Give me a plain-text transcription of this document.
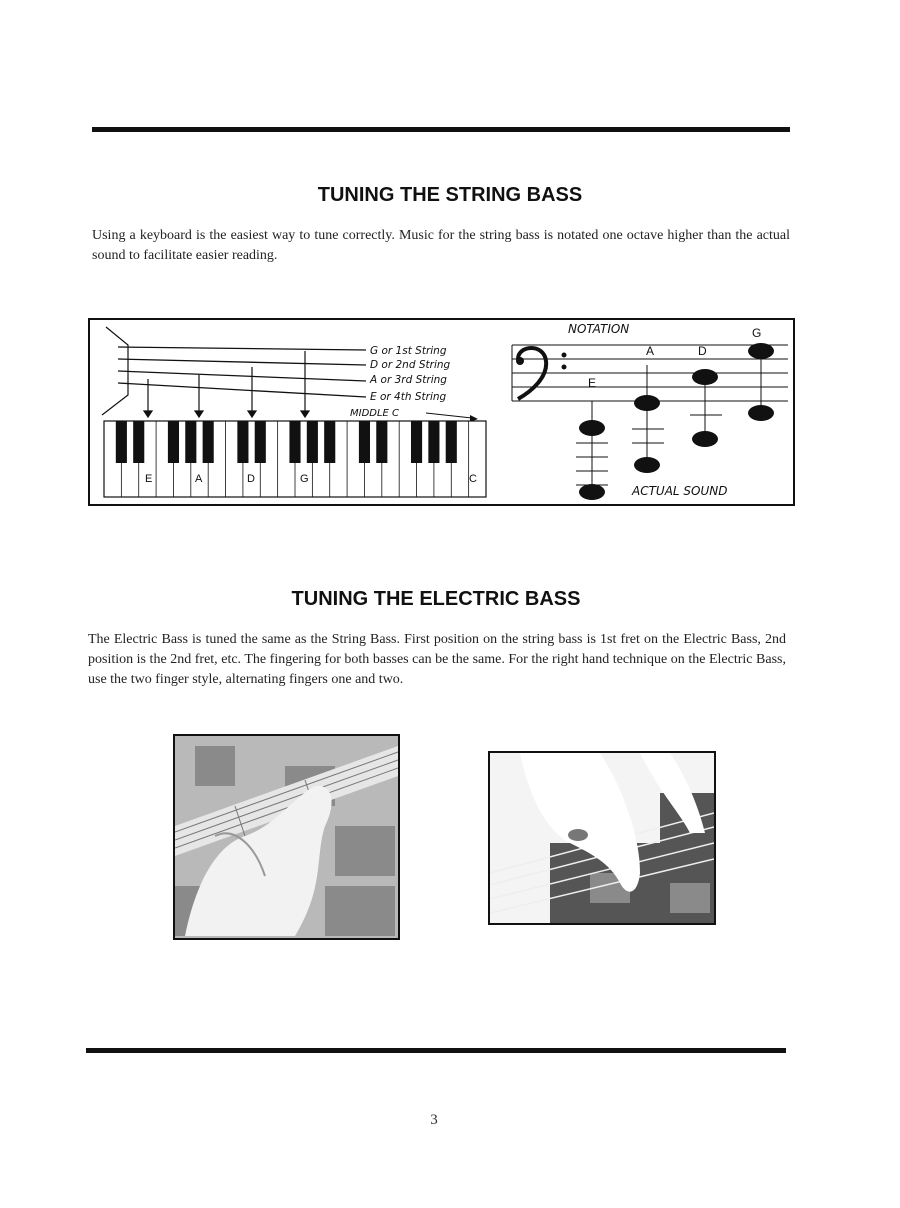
TUNING THE STRING BASS
Using a keyboard is the easiest way to tune correctly. Music for the string bass is notated one octave higher than the actual sound to facilitate easier reading.
G or 1st String
D or 2nd String
A or 3rd String
E or 4th String
MIDDLE C
E	A	D	G	C
NOTATION
ACTUAL SOUND
E
A	D
G
TUNING THE ELECTRIC BASS
The Electric Bass is tuned the same as the String Bass. First position on the string bass is 1st fret on the Electric Bass, 2nd position is the 2nd fret, etc. The fingering for both basses can be the same. For the right hand technique on the Electric Bass, use the two finger style, alternating fingers one and two.
3
